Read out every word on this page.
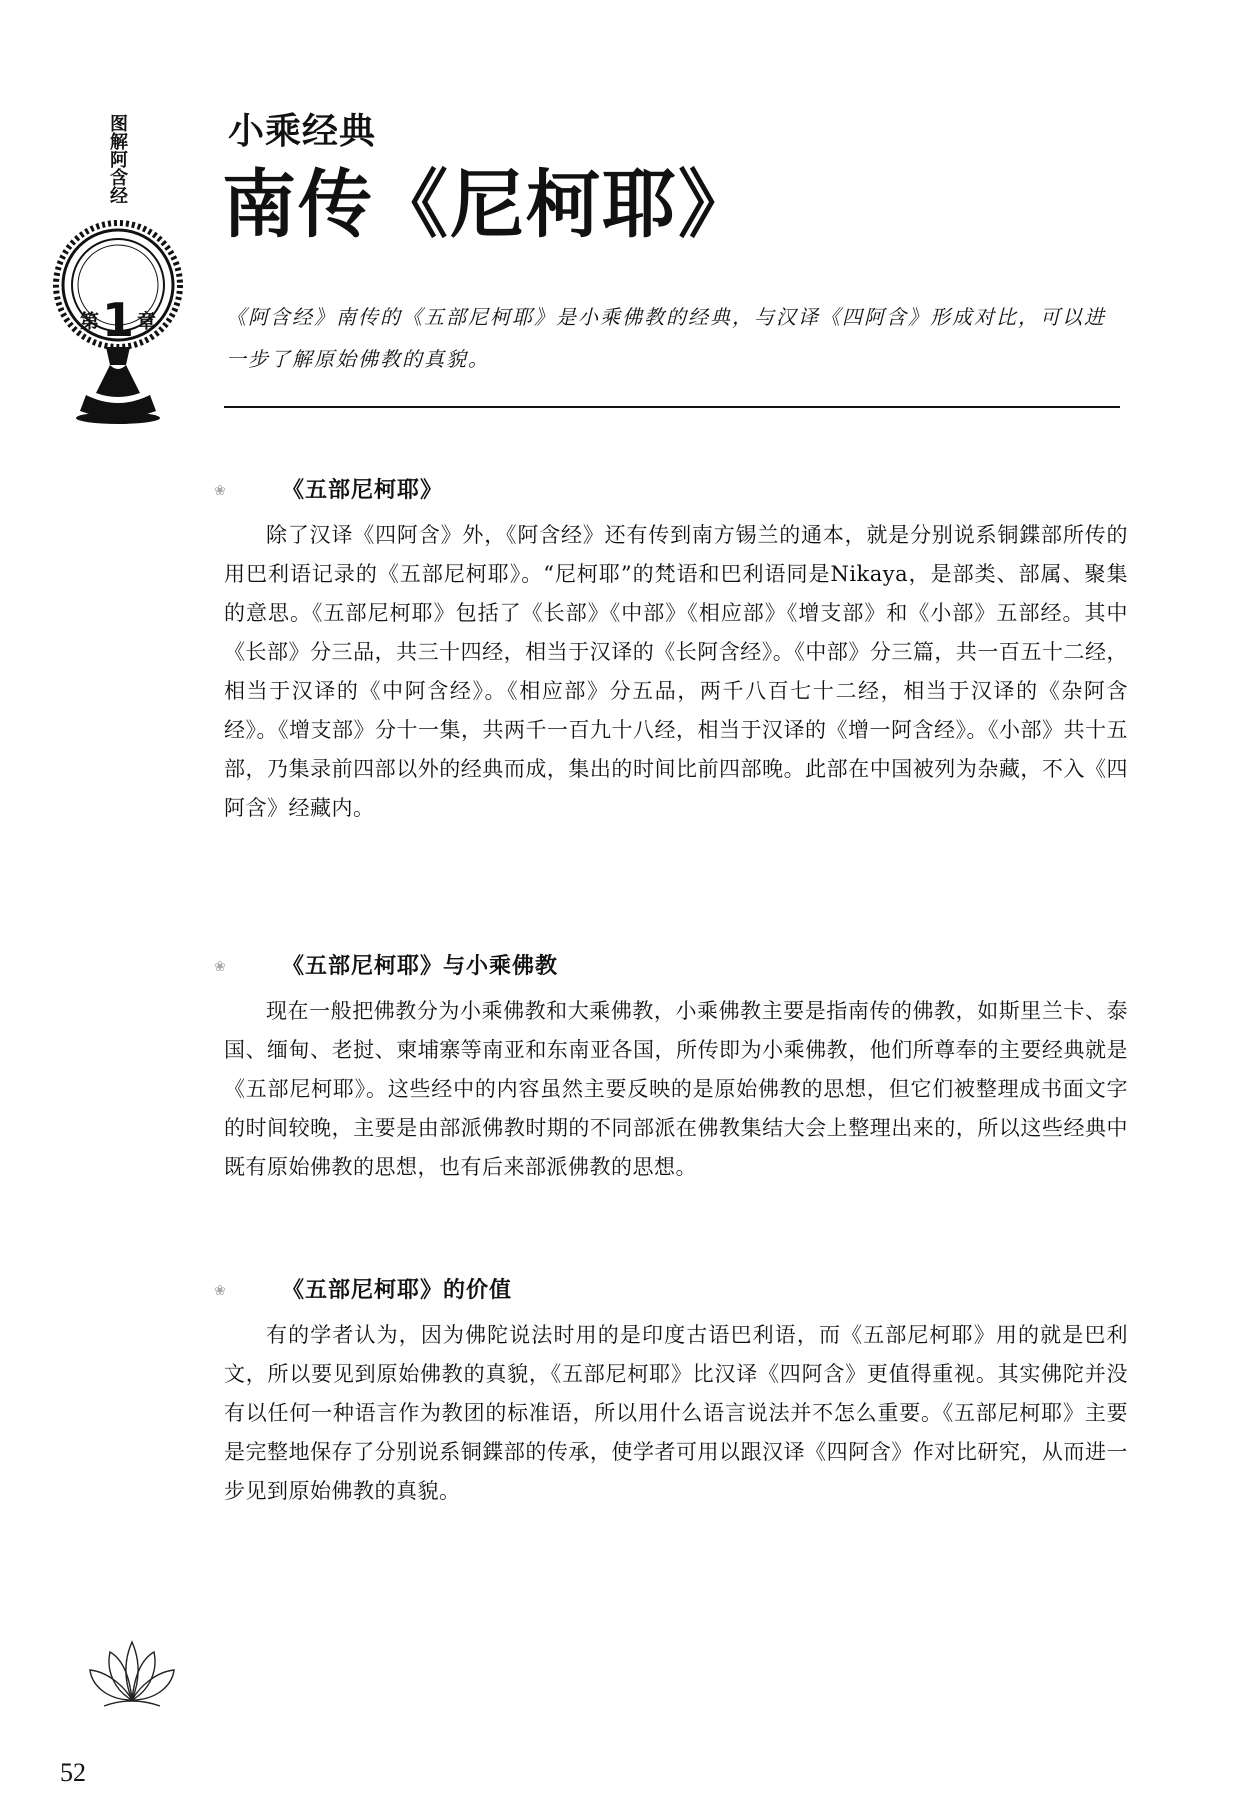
图解阿含经
第1 章
小乘经典
南传《尼柯耶》

《阿含经》南传的《五部尼柯耶》是小乘佛教的经典，与汉译《四阿含》形成对比，可以进一步了解原始佛教的真貌。

❀	《五部尼柯耶》

除了汉译《四阿含》外，《阿含经》还有传到南方锡兰的通本，就是分别说系铜鍱部所传的用巴利语记录的《五部尼柯耶》。“尼柯耶”的梵语和巴利语同是Nikaya，是部类、部属、聚集的意思。《五部尼柯耶》包括了《长部》《中部》《相应部》《增支部》和《小部》五部经。其中《长部》分三品，共三十四经，相当于汉译的《长阿含经》。《中部》分三篇，共一百五十二经，相当于汉译的《中阿含经》。《相应部》分五品，两千八百七十二经，相当于汉译的《杂阿含经》。《增支部》分十一集，共两千一百九十八经，相当于汉译的《增一阿含经》。《小部》共十五部，乃集录前四部以外的经典而成，集出的时间比前四部晚。此部在中国被列为杂藏，不入《四阿含》经藏内。

❀	《五部尼柯耶》与小乘佛教

现在一般把佛教分为小乘佛教和大乘佛教，小乘佛教主要是指南传的佛教，如斯里兰卡、泰国、缅甸、老挝、柬埔寨等南亚和东南亚各国，所传即为小乘佛教，他们所尊奉的主要经典就是《五部尼柯耶》。这些经中的内容虽然主要反映的是原始佛教的思想，但它们被整理成书面文字的时间较晚，主要是由部派佛教时期的不同部派在佛教集结大会上整理出来的，所以这些经典中既有原始佛教的思想，也有后来部派佛教的思想。

❀	《五部尼柯耶》的价值

有的学者认为，因为佛陀说法时用的是印度古语巴利语，而《五部尼柯耶》用的就是巴利文，所以要见到原始佛教的真貌，《五部尼柯耶》比汉译《四阿含》更值得重视。其实佛陀并没有以任何一种语言作为教团的标准语，所以用什么语言说法并不怎么重要。《五部尼柯耶》主要是完整地保存了分别说系铜鍱部的传承，使学者可用以跟汉译《四阿含》作对比研究，从而进一步见到原始佛教的真貌。

52
